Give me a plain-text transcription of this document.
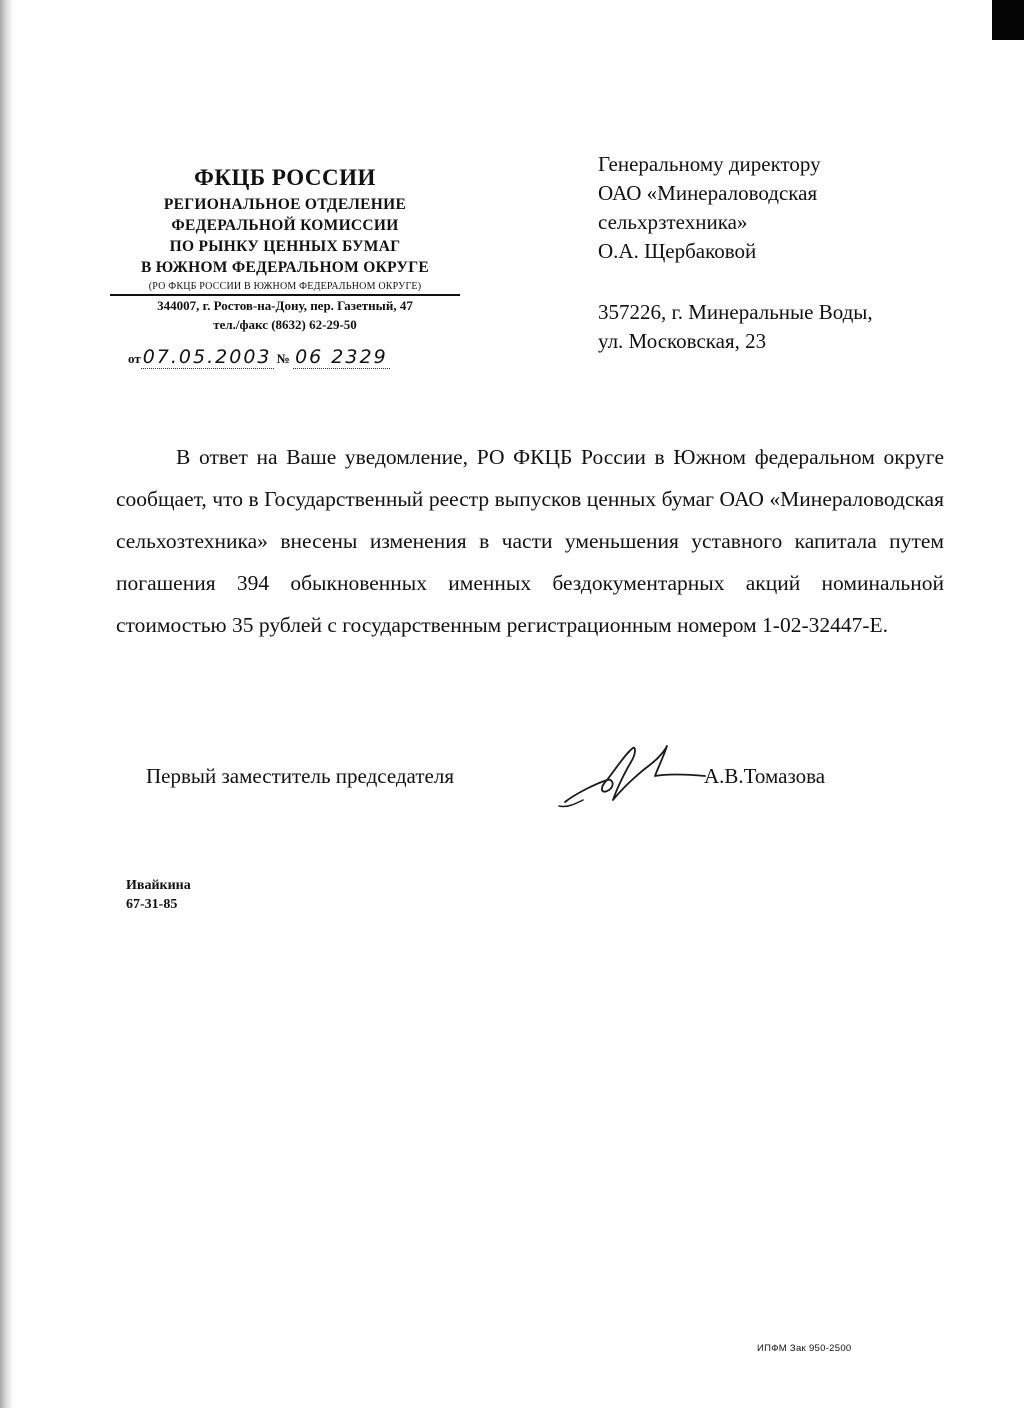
ФКЦБ РОССИИ
РЕГИОНАЛЬНОЕ ОТДЕЛЕНИЕ
ФЕДЕРАЛЬНОЙ КОМИССИИ
ПО РЫНКУ ЦЕННЫХ БУМАГ
В ЮЖНОМ ФЕДЕРАЛЬНОМ ОКРУГЕ
(РО ФКЦБ РОССИИ В ЮЖНОМ ФЕДЕРАЛЬНОМ ОКРУГЕ)
344007, г. Ростов-на-Дону, пер. Газетный, 47
тел./факс (8632) 62-29-50
от 07.05.2003 № 06 2329
Генеральному директору
ОАО «Минераловодская
сельхрзтехника»
О.А. Щербаковой
357226, г. Минеральные Воды,
ул. Московская, 23
В ответ на Ваше уведомление, РО ФКЦБ России в Южном федеральном округе сообщает, что в Государственный реестр выпусков ценных бумаг ОАО «Минераловодская сельхозтехника» внесены изменения в части уменьшения уставного капитала путем погашения 394 обыкновенных именных бездокументарных акций номинальной стоимостью 35 рублей с государственным регистрационным номером 1-02-32447-Е.
Первый заместитель председателя	А.В.Томазова
Ивайкина
67-31-85
ИПФМ Зак 950-2500
